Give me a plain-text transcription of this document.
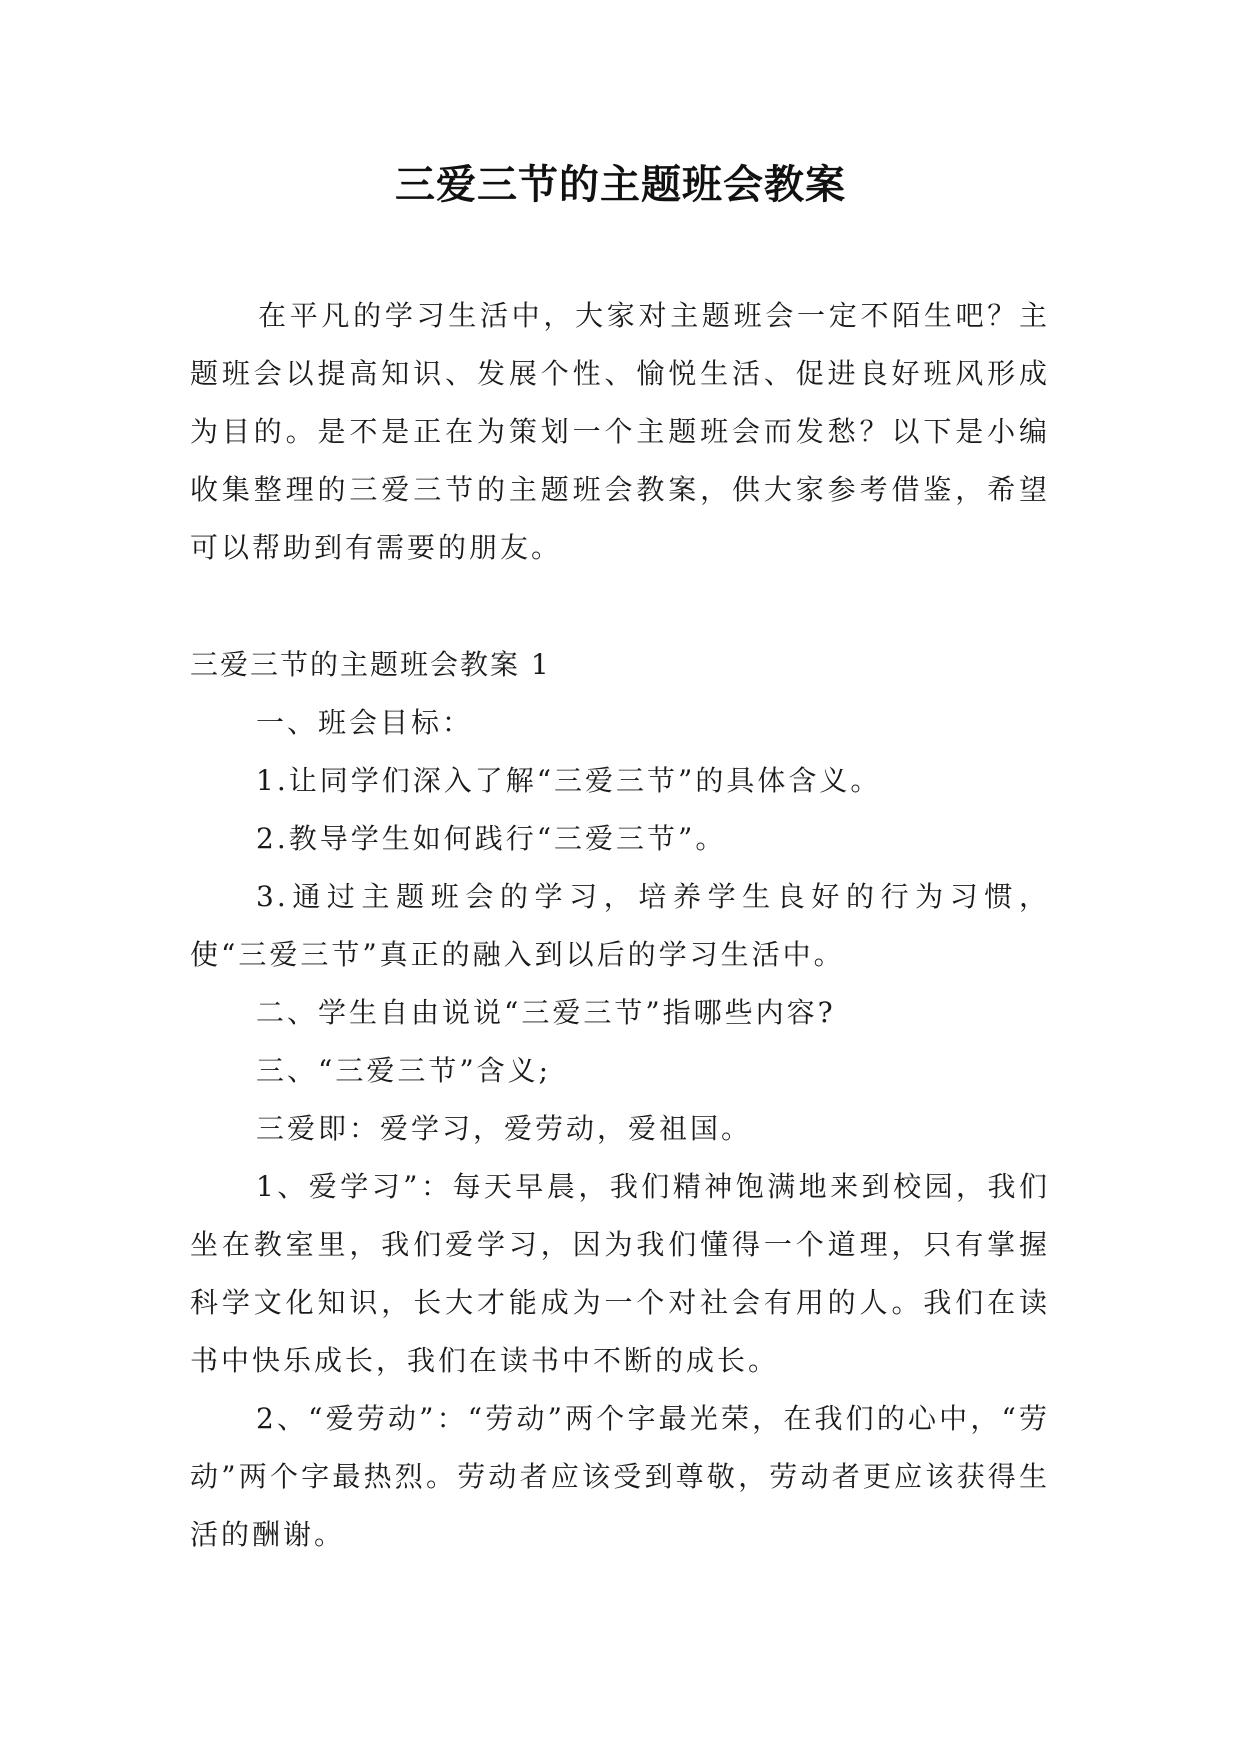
三爱三节的主题班会教案

在平凡的学习生活中，大家对主题班会一定不陌生吧？主题班会以提高知识、发展个性、愉悦生活、促进良好班风形成为目的。是不是正在为策划一个主题班会而发愁？以下是小编收集整理的三爱三节的主题班会教案，供大家参考借鉴，希望可以帮助到有需要的朋友。

三爱三节的主题班会教案 1

一、班会目标：

1.让同学们深入了解“三爱三节”的具体含义。

2.教导学生如何践行“三爱三节”。

3.通过主题班会的学习，培养学生良好的行为习惯，使“三爱三节”真正的融入到以后的学习生活中。

二、学生自由说说“三爱三节”指哪些内容?

三、“三爱三节”含义;

三爱即：爱学习，爱劳动，爱祖国。

1、爱学习”：每天早晨，我们精神饱满地来到校园，我们坐在教室里，我们爱学习，因为我们懂得一个道理，只有掌握科学文化知识，长大才能成为一个对社会有用的人。我们在读书中快乐成长，我们在读书中不断的成长。

2、“爱劳动”：“劳动”两个字最光荣，在我们的心中，“劳动”两个字最热烈。劳动者应该受到尊敬，劳动者更应该获得生活的酬谢。
